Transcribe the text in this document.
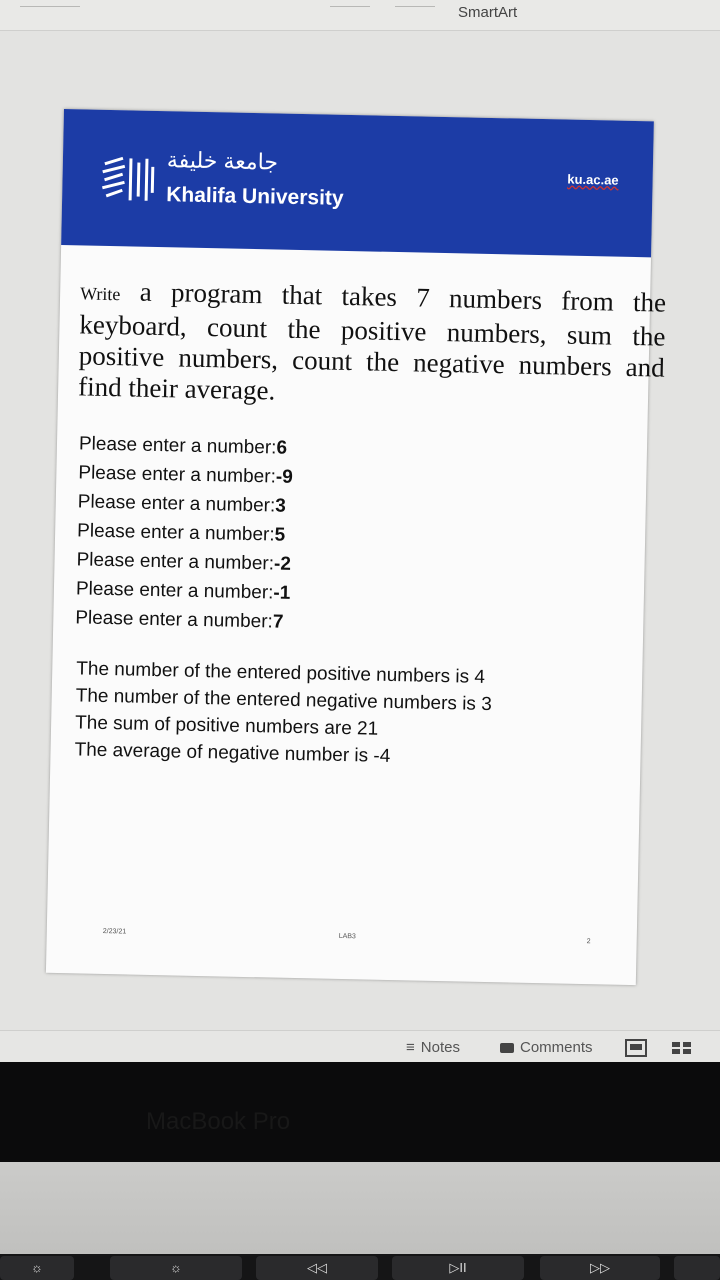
SmartArt
جامعة خليفة
Khalifa University
ku.ac.ae
Write a program that takes 7 numbers from the keyboard, count the positive numbers, sum the positive numbers, count the negative numbers and find their average.
Please enter a number:6
Please enter a number:-9
Please enter a number:3
Please enter a number:5
Please enter a number:-2
Please enter a number:-1
Please enter a number:7
The number of the entered positive numbers is 4
The number of the entered negative numbers is 3
The sum of positive numbers are 21
The average of negative number is -4
2/23/21
LAB3
2
≡ Notes	Comments
MacBook Pro
☼	☼	◁◁	▷II	▷▷
